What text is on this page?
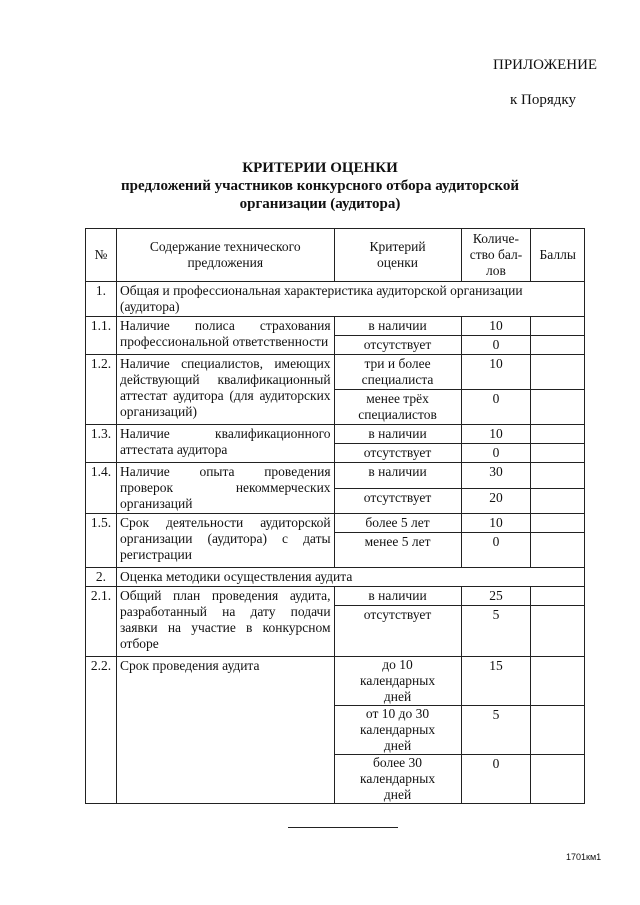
ПРИЛОЖЕНИЕ
к Порядку
КРИТЕРИИ ОЦЕНКИ
предложений участников конкурсного отбора аудиторской
организации (аудитора)
№	Содержание технического предложения	Критерий оценки	Количе-ство бал-лов	Баллы
1.	Общая и профессиональная характеристика аудиторской организации (аудитора)			
1.1.	Наличие полиса страхования профессиональной ответственности	в наличии	10	
		отсутствует	0	
1.2.	Наличие специалистов, имеющих действующий квалификационный аттестат аудитора (для аудиторских организаций)	три и более специалиста	10	
		менее трёх специалистов	0	
1.3.	Наличие квалификационного аттестата аудитора	в наличии	10	
		отсутствует	0	
1.4.	Наличие опыта проведения проверок некоммерческих организаций	в наличии	30	
		отсутствует	20	
1.5.	Срок деятельности аудиторской организации (аудитора) с даты регистрации	более 5 лет	10	
		менее 5 лет	0	
2.	Оценка методики осуществления аудита			
2.1.	Общий план проведения аудита, разработанный на дату подачи заявки на участие в конкурсном отборе	в наличии	25	
		отсутствует	5	
2.2.	Срок проведения аудита	до 10 календарных дней	15	
		от 10 до 30 календарных дней	5	
		более 30 календарных дней	0	
1701км1
